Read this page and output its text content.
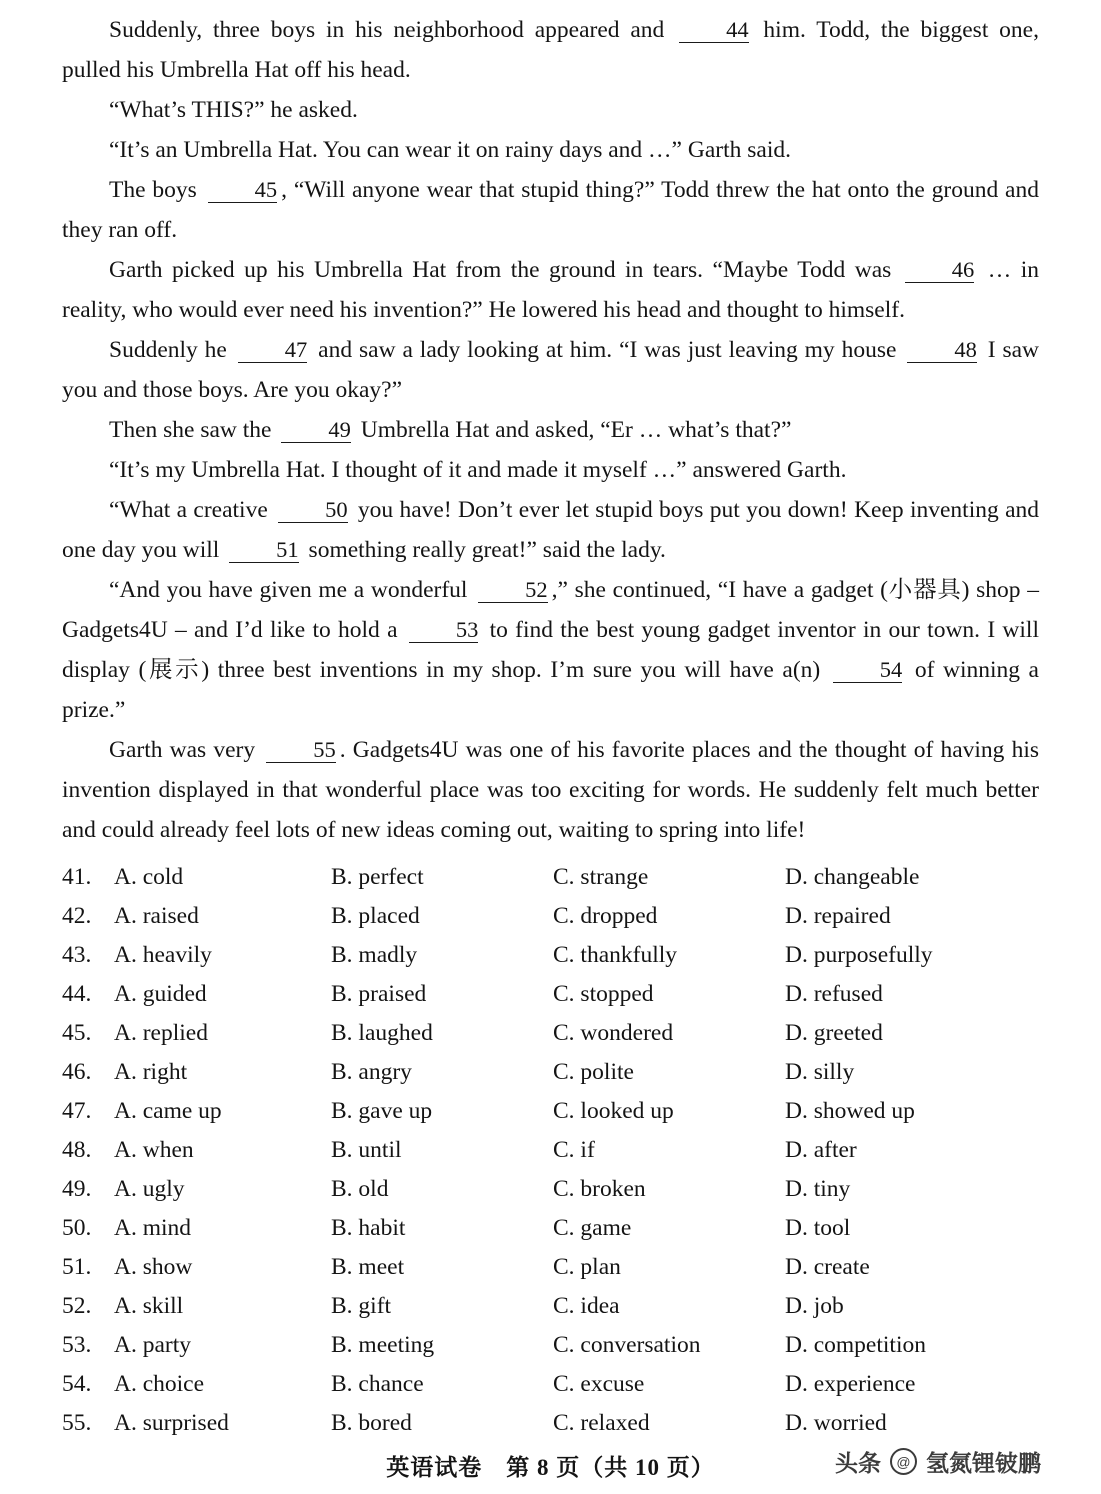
Suddenly, three boys in his neighborhood appeared and 44 him. Todd, the biggest one, pulled his Umbrella Hat off his head.

“What’s THIS?” he asked.

“It’s an Umbrella Hat. You can wear it on rainy days and …” Garth said.

The boys 45 , “Will anyone wear that stupid thing?” Todd threw the hat onto the ground and they ran off.

Garth picked up his Umbrella Hat from the ground in tears. “Maybe Todd was 46 … in reality, who would ever need his invention?” He lowered his head and thought to himself.

Suddenly he 47 and saw a lady looking at him. “I was just leaving my house 48 I saw you and those boys. Are you okay?”

Then she saw the 49 Umbrella Hat and asked, “Er … what’s that?”

“It’s my Umbrella Hat. I thought of it and made it myself …” answered Garth.

“What a creative 50 you have! Don’t ever let stupid boys put you down! Keep inventing and one day you will 51 something really great!” said the lady.

“And you have given me a wonderful 52 ,” she continued, “I have a gadget (小器具) shop – Gadgets4U – and I’d like to hold a 53 to find the best young gadget inventor in our town. I will display (展示) three best inventions in my shop. I’m sure you will have a(n) 54 of winning a prize.”

Garth was very 55 . Gadgets4U was one of his favorite places and the thought of having his invention displayed in that wonderful place was too exciting for words. He suddenly felt much better and could already feel lots of new ideas coming out, waiting to spring into life!

41. A. cold	B. perfect	C. strange	D. changeable
42. A. raised	B. placed	C. dropped	D. repaired
43. A. heavily	B. madly	C. thankfully	D. purposefully
44. A. guided	B. praised	C. stopped	D. refused
45. A. replied	B. laughed	C. wondered	D. greeted
46. A. right	B. angry	C. polite	D. silly
47. A. came up	B. gave up	C. looked up	D. showed up
48. A. when	B. until	C. if	D. after
49. A. ugly	B. old	C. broken	D. tiny
50. A. mind	B. habit	C. game	D. tool
51. A. show	B. meet	C. plan	D. create
52. A. skill	B. gift	C. idea	D. job
53. A. party	B. meeting	C. conversation	D. competition
54. A. choice	B. chance	C. excuse	D. experience
55. A. surprised	B. bored	C. relaxed	D. worried
英语试卷　第 8 页（共 10 页）	头条	@ 氢氮锂铍鹏
